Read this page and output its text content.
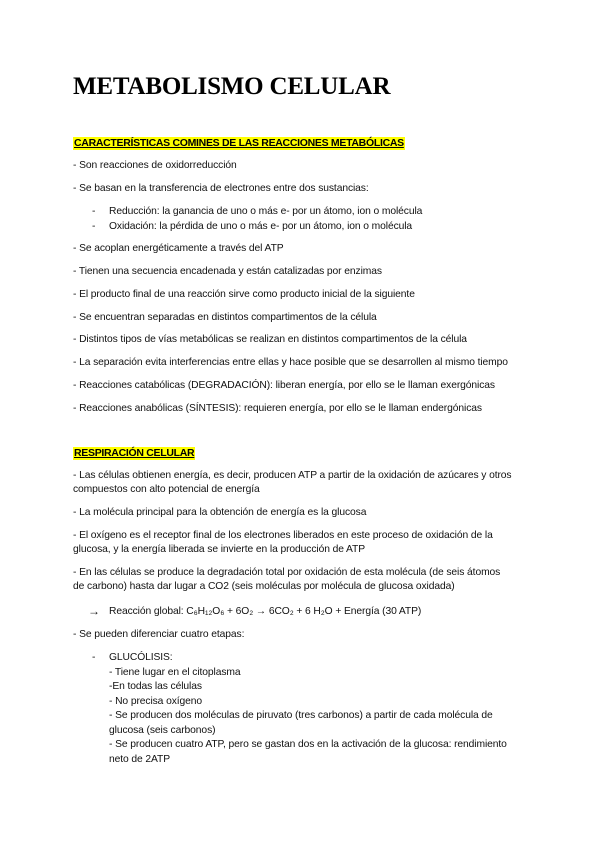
METABOLISMO CELULAR
CARACTERÍSTICAS COMINES DE LAS REACCIONES METABÓLICAS
- Son reacciones de oxidorreducción
- Se basan en la transferencia de electrones entre dos sustancias:
- Reducción: la ganancia de uno o más e- por un átomo, ion o molécula
- Oxidación: la pérdida de uno o más e- por un átomo, ion o molécula
- Se acoplan energéticamente a través del ATP
- Tienen una secuencia encadenada y están catalizadas por enzimas
- El producto final de una reacción sirve como producto inicial de la siguiente
- Se encuentran separadas en distintos compartimentos de la célula
- Distintos tipos de vías metabólicas se realizan en distintos compartimentos de la célula
- La separación evita interferencias entre ellas y hace posible que se desarrollen al mismo tiempo
- Reacciones catabólicas (DEGRADACIÓN): liberan energía, por ello se le llaman exergónicas
- Reacciones anabólicas (SÍNTESIS): requieren energía, por ello se le llaman endergónicas
RESPIRACIÓN CELULAR
- Las células obtienen energía, es decir, producen ATP a partir de la oxidación de azúcares y otros
compuestos con alto potencial de energía
- La molécula principal para la obtención de energía es la glucosa
- El oxígeno es el receptor final de los electrones liberados en este proceso de oxidación de la
glucosa, y la energía liberada se invierte en la producción de ATP
- En las células se produce la degradación total por oxidación de esta molécula (de seis átomos
de carbono) hasta dar lugar a CO2 (seis moléculas por molécula de glucosa oxidada)
→ Reacción global: C₆H₁₂O₆ + 6O₂ → 6CO₂ + 6 H₂O + Energía (30 ATP)
- Se pueden diferenciar cuatro etapas:
- GLUCÓLISIS:
- Tiene lugar en el citoplasma
-En todas las células
- No precisa oxígeno
- Se producen dos moléculas de piruvato (tres carbonos) a partir de cada molécula de
glucosa (seis carbonos)
- Se producen cuatro ATP, pero se gastan dos en la activación de la glucosa: rendimiento
neto de 2ATP
